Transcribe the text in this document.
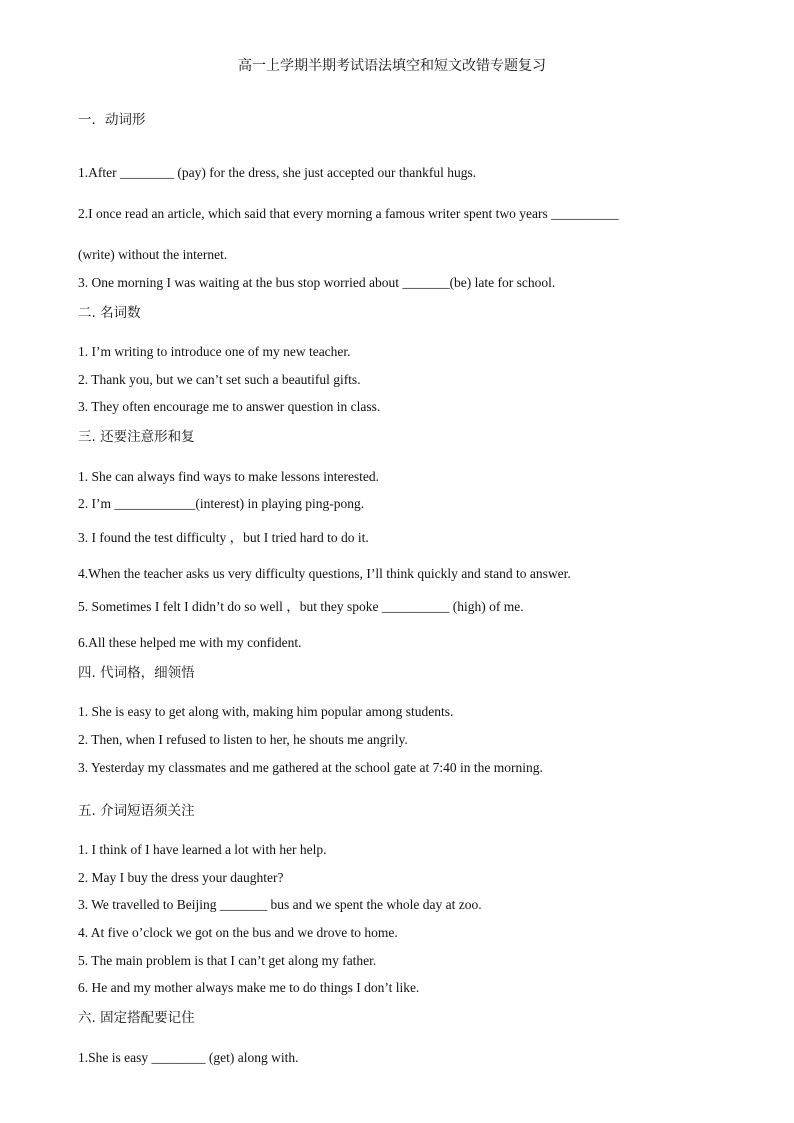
高一上学期半期考试语法填空和短文改错专题复习
一．动词形
1.After ________ (pay) for the dress, she just accepted our thankful hugs.
2.I once read an article, which said that every morning a famous writer spent two years __________
(write) without the internet.
3. One morning I was waiting at the bus stop worried about _______(be) late for school.
二. 名词数
1. I’m writing to introduce one of my new teacher.
2. Thank you, but we can’t set such a beautiful gifts.
3. They often encourage me to answer question in class.
三. 还要注意形和复
1. She can always find ways to make lessons interested.
2. I’m ____________(interest) in playing ping-pong.
3. I found the test difficulty ，but I tried hard to do it.
4.When the teacher asks us very difficulty questions, I’ll think quickly and stand to answer.
5. Sometimes I felt I didn’t do so well ，but they spoke __________ (high) of me.
6.All these helped me with my confident.
四. 代词格，细领悟
1. She is easy to get along with, making him popular among students.
2. Then, when I refused to listen to her, he shouts me angrily.
3. Yesterday my classmates and me gathered at the school gate at 7:40 in the morning.
五. 介词短语须关注
1. I think of I have learned a lot with her help.
2. May I buy the dress your daughter?
3. We travelled to Beijing _______ bus and we spent the whole day at zoo.
4. At five o’clock we got on the bus and we drove to home.
5. The main problem is that I can’t get along my father.
6. He and my mother always make me to do things I don’t like.
六. 固定搭配要记住
1.She is easy ________ (get) along with.
